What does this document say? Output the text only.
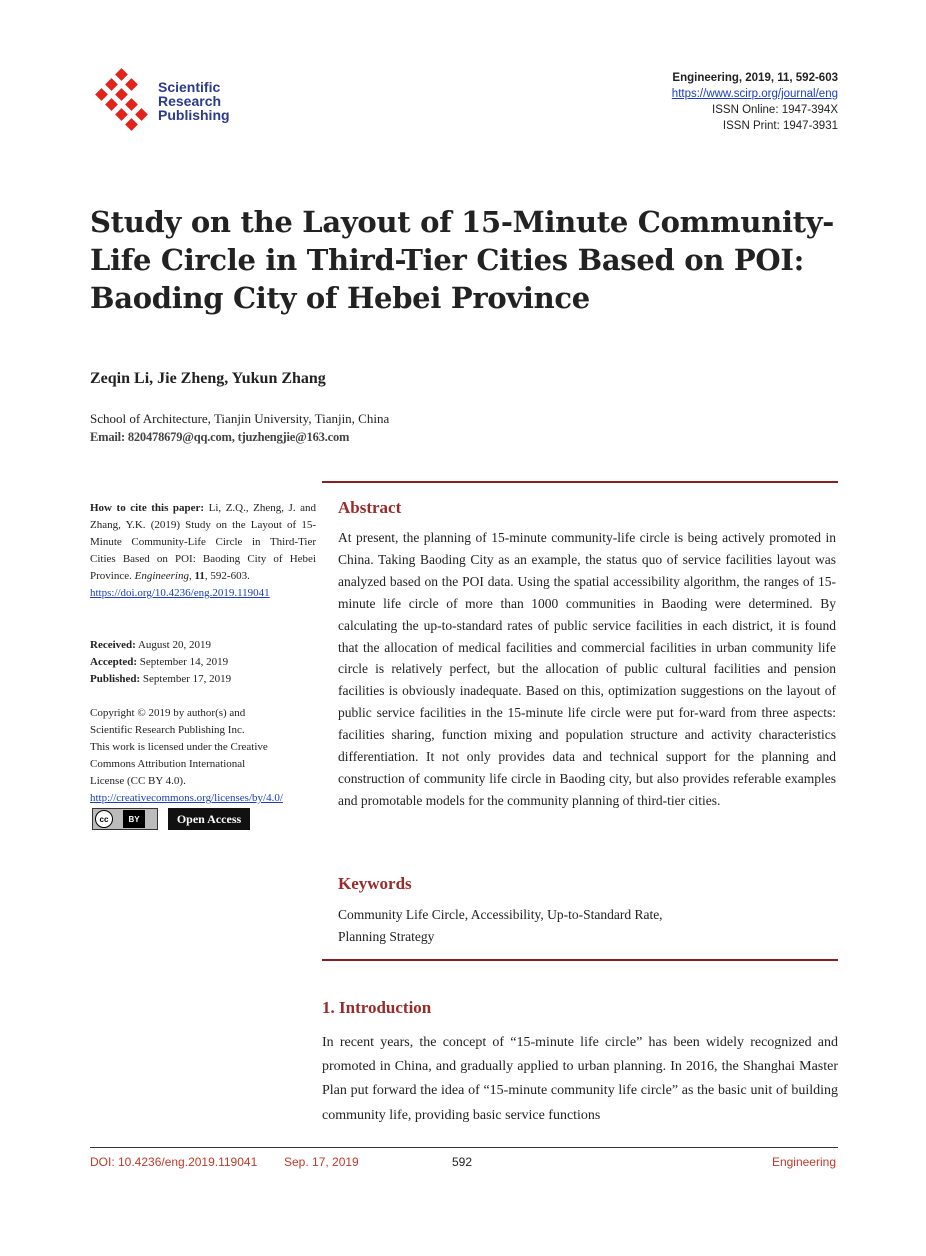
Scientific
Research
Publishing
Engineering, 2019, 11, 592-603
https://www.scirp.org/journal/eng
ISSN Online: 1947-394X
ISSN Print: 1947-3931
Study on the Layout of 15-Minute Community-Life Circle in Third-Tier Cities Based on POI: Baoding City of Hebei Province
Zeqin Li, Jie Zheng, Yukun Zhang
School of Architecture, Tianjin University, Tianjin, China
Email: 820478679@qq.com, tjuzhengjie@163.com
How to cite this paper: Li, Z.Q., Zheng, J. and Zhang, Y.K. (2019) Study on the Layout of 15-Minute Community-Life Circle in Third-Tier Cities Based on POI: Baoding City of Hebei Province. Engineering, 11, 592-603.
https://doi.org/10.4236/eng.2019.119041
Received: August 20, 2019
Accepted: September 14, 2019
Published: September 17, 2019
Copyright © 2019 by author(s) and
Scientific Research Publishing Inc.
This work is licensed under the Creative
Commons Attribution International
License (CC BY 4.0).
http://creativecommons.org/licenses/by/4.0/
cc	BY	Open Access
Abstract
At present, the planning of 15-minute community-life circle is being actively promoted in China. Taking Baoding City as an example, the status quo of service facilities layout was analyzed based on the POI data. Using the spatial accessibility algorithm, the ranges of 15-minute life circle of more than 1000 communities in Baoding were determined. By calculating the up-to-standard rates of public service facilities in each district, it is found that the allocation of medical facilities and commercial facilities in urban community life circle is relatively perfect, but the allocation of public cultural facilities and pension facilities is obviously inadequate. Based on this, optimization suggestions on the layout of public service facilities in the 15-minute life circle were put for-ward from three aspects: facilities sharing, function mixing and population structure and activity characteristics differentiation. It not only provides data and technical support for the planning and construction of community life circle in Baoding city, but also provides referable examples and promotable models for the community planning of third-tier cities.
Keywords
Community Life Circle, Accessibility, Up-to-Standard Rate,
Planning Strategy
1. Introduction
In recent years, the concept of “15-minute life circle” has been widely recognized and promoted in China, and gradually applied to urban planning. In 2016, the Shanghai Master Plan put forward the idea of “15-minute community life circle” as the basic unit of building community life, providing basic service functions
DOI: 10.4236/eng.2019.119041 Sep. 17, 2019	592	Engineering
